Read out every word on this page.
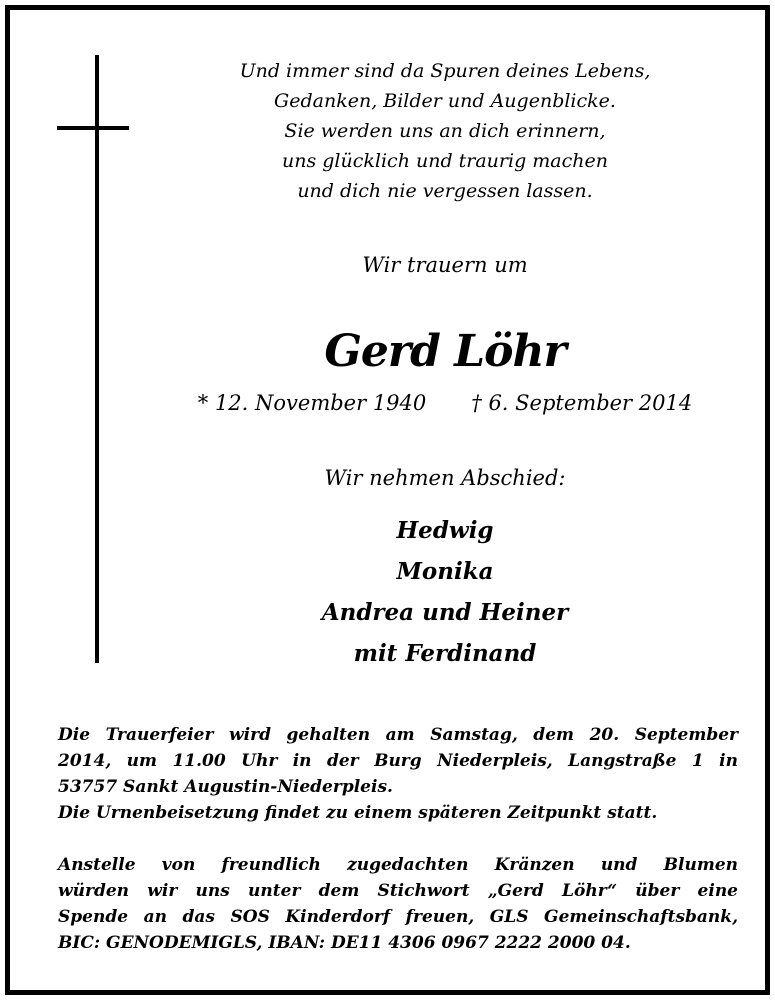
Und immer sind da Spuren deines Lebens,
Gedanken, Bilder und Augenblicke.
Sie werden uns an dich erinnern,
uns glücklich und traurig machen
und dich nie vergessen lassen.
Wir trauern um
Gerd Löhr
* 12. November 1940 † 6. September 2014
Wir nehmen Abschied:
Hedwig
Monika
Andrea und Heiner
mit Ferdinand
Die Trauerfeier wird gehalten am Samstag, dem 20. September
2014, um 11.00 Uhr in der Burg Niederpleis, Langstraße 1 in
53757 Sankt Augustin-Niederpleis.
Die Urnenbeisetzung findet zu einem späteren Zeitpunkt statt.
Anstelle von freundlich zugedachten Kränzen und Blumen
würden wir uns unter dem Stichwort „Gerd Löhr“ über eine
Spende an das SOS Kinderdorf freuen, GLS Gemeinschaftsbank,
BIC: GENODEMIGLS, IBAN: DE11 4306 0967 2222 2000 04.
